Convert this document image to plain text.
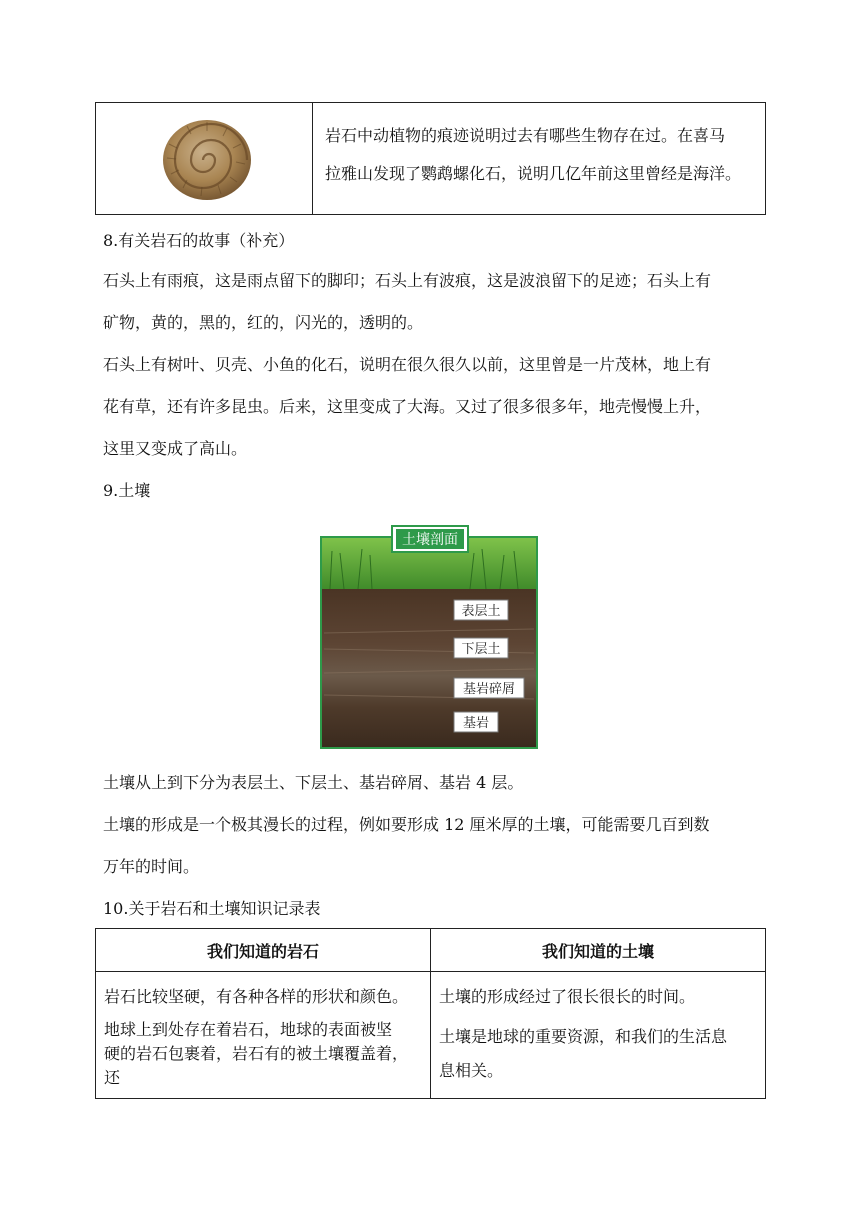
岩石中动植物的痕迹说明过去有哪些生物存在过。在喜马
拉雅山发现了鹦鹉螺化石，说明几亿年前这里曾经是海洋。
8.有关岩石的故事（补充）
石头上有雨痕，这是雨点留下的脚印；石头上有波痕，这是波浪留下的足迹；石头上有
矿物，黄的，黑的，红的，闪光的，透明的。
石头上有树叶、贝壳、小鱼的化石，说明在很久很久以前，这里曾是一片茂林，地上有
花有草，还有许多昆虫。后来，这里变成了大海。又过了很多很多年，地壳慢慢上升，
这里又变成了高山。
9.土壤
土壤剖面
表层土
下层土
基岩碎屑
基岩
土壤从上到下分为表层土、下层土、基岩碎屑、基岩 4 层。
土壤的形成是一个极其漫长的过程，例如要形成 12 厘米厚的土壤，可能需要几百到数
万年的时间。
10.关于岩石和土壤知识记录表
我们知道的岩石	我们知道的土壤

岩石比较坚硬，有各种各样的形状和颜色。

地球上到处存在着岩石，地球的表面被坚

硬的岩石包裹着，岩石有的被土壤覆盖着，

还

土壤的形成经过了很长很长的时间。

土壤是地球的重要资源，和我们的生活息

息相关。
